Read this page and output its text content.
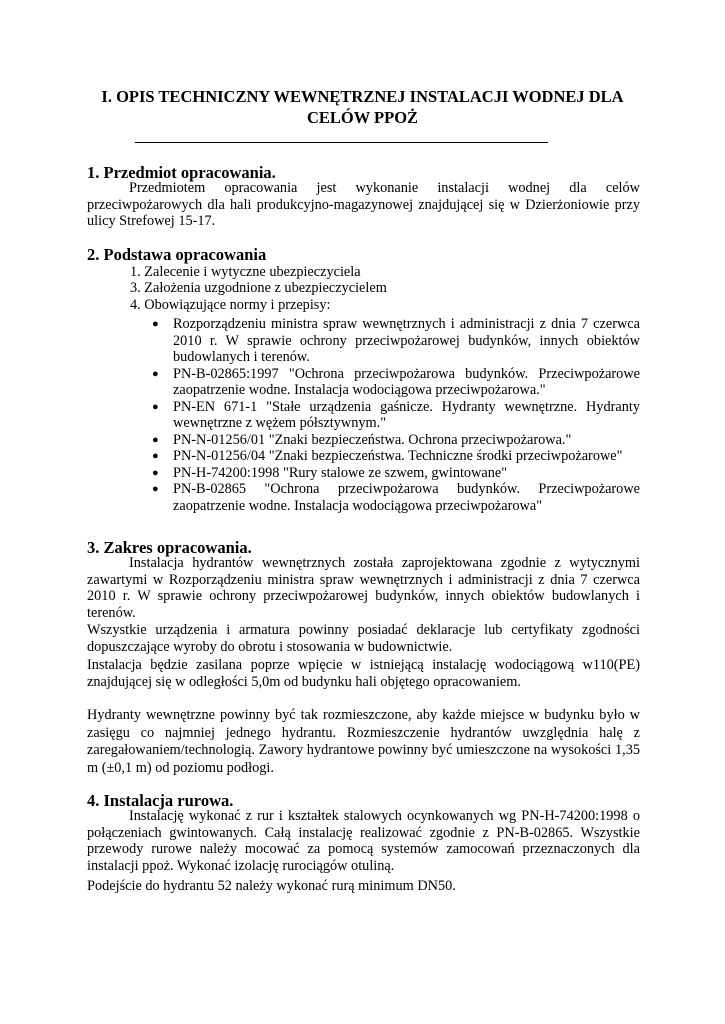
I. OPIS TECHNICZNY WEWNĘTRZNEJ INSTALACJI WODNEJ DLA
CELÓW PPOŻ
1. Przedmiot opracowania.

Przedmiotem opracowania jest wykonanie instalacji wodnej dla celów przeciwpożarowych dla hali produkcyjno-magazynowej znajdującej się w Dzierżoniowie przy ulicy Strefowej 15-17.

2. Podstawa opracowania
1. Zalecenie i wytyczne ubezpieczyciela
3. Założenia uzgodnione z ubezpieczycielem
4. Obowiązujące normy i przepisy:
● Rozporządzeniu ministra spraw wewnętrznych i administracji z dnia 7 czerwca 2010 r. W sprawie ochrony przeciwpożarowej budynków, innych obiektów budowlanych i terenów.
● PN-B-02865:1997 "Ochrona przeciwpożarowa budynków. Przeciwpożarowe zaopatrzenie wodne. Instalacja wodociągowa przeciwpożarowa."
● PN-EN 671-1 "Stałe urządzenia gaśnicze. Hydranty wewnętrzne. Hydranty wewnętrzne z wężem półsztywnym."
● PN-N-01256/01 "Znaki bezpieczeństwa. Ochrona przeciwpożarowa."
● PN-N-01256/04 "Znaki bezpieczeństwa. Techniczne środki przeciwpożarowe"
● PN-H-74200:1998 "Rury stalowe ze szwem, gwintowane"
● PN-B-02865 "Ochrona przeciwpożarowa budynków. Przeciwpożarowe zaopatrzenie wodne. Instalacja wodociągowa przeciwpożarowa"
3. Zakres opracowania.

Instalacja hydrantów wewnętrznych została zaprojektowana zgodnie z wytycznymi zawartymi w Rozporządzeniu ministra spraw wewnętrznych i administracji z dnia 7 czerwca 2010 r. W sprawie ochrony przeciwpożarowej budynków, innych obiektów budowlanych i terenów.

Wszystkie urządzenia i armatura powinny posiadać deklaracje lub certyfikaty zgodności dopuszczające wyroby do obrotu i stosowania w budownictwie.

Instalacja będzie zasilana poprze wpięcie w istniejącą instalację wodociągową w110(PE) znajdującej się w odległości 5,0m od budynku hali objętego opracowaniem.

Hydranty wewnętrzne powinny być tak rozmieszczone, aby każde miejsce w budynku było w zasięgu co najmniej jednego hydrantu. Rozmieszczenie hydrantów uwzględnia halę z zaregałowaniem/technologią. Zawory hydrantowe powinny być umieszczone na wysokości 1,35 m (±0,1 m) od poziomu podłogi.

4. Instalacja rurowa.

Instalację wykonać z rur i kształtek stalowych ocynkowanych wg PN-H-74200:1998 o połączeniach gwintowanych. Całą instalację realizować zgodnie z PN-B-02865. Wszystkie przewody rurowe należy mocować za pomocą systemów zamocowań przeznaczonych dla instalacji ppoż. Wykonać izolację rurociągów otuliną.

Podejście do hydrantu 52 należy wykonać rurą minimum DN50.
